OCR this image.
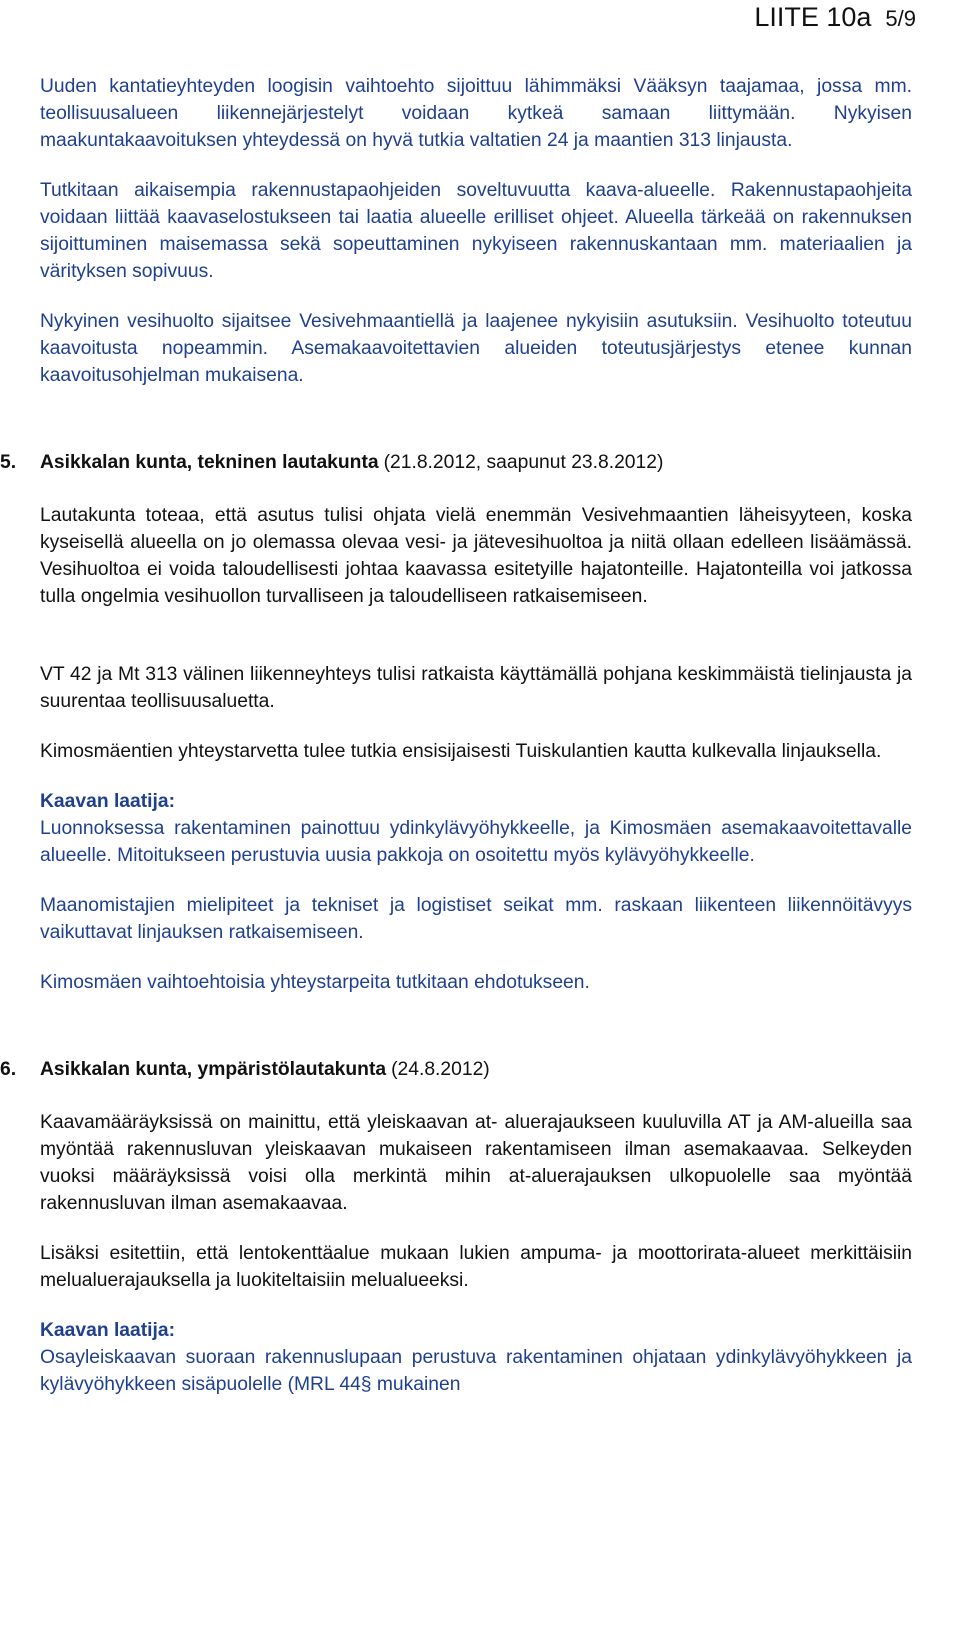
LIITE 10a 5/9

Uuden kantatieyhteyden loogisin vaihtoehto sijoittuu lähimmäksi Vääksyn taajamaa, jossa mm. teollisuusalueen liikennejärjestelyt voidaan kytkeä samaan liittymään. Nykyisen maakuntakaavoituksen yhteydessä on hyvä tutkia valtatien 24 ja maantien 313 linjausta.

Tutkitaan aikaisempia rakennustapaohjeiden soveltuvuutta kaava-alueelle. Rakennustapaohjeita voidaan liittää kaavaselostukseen tai laatia alueelle erilliset ohjeet. Alueella tärkeää on rakennuksen sijoittuminen maisemassa sekä sopeuttaminen nykyiseen rakennuskantaan mm. materiaalien ja värityksen sopivuus.

Nykyinen vesihuolto sijaitsee Vesivehmaantiellä ja laajenee nykyisiin asutuksiin. Vesihuolto toteutuu kaavoitusta nopeammin. Asemakaavoitettavien alueiden toteutusjärjestys etenee kunnan kaavoitusohjelman mukaisena.

5.	Asikkalan kunta, tekninen lautakunta (21.8.2012, saapunut 23.8.2012)

Lautakunta toteaa, että asutus tulisi ohjata vielä enemmän Vesivehmaantien läheisyyteen, koska kyseisellä alueella on jo olemassa olevaa vesi- ja jätevesihuoltoa ja niitä ollaan edelleen lisäämässä. Vesihuoltoa ei voida taloudellisesti johtaa kaavassa esitetyille hajatonteille. Hajatonteilla voi jatkossa tulla ongelmia vesihuollon turvalliseen ja taloudelliseen ratkaisemiseen.

VT 42 ja Mt 313 välinen liikenneyhteys tulisi ratkaista käyttämällä pohjana keskimmäistä tielinjausta ja suurentaa teollisuusaluetta.

Kimosmäentien yhteystarvetta tulee tutkia ensisijaisesti Tuiskulantien kautta kulkevalla linjauksella.

Kaavan laatija:

Luonnoksessa rakentaminen painottuu ydinkylävyöhykkeelle, ja Kimosmäen asemakaavoitettavalle alueelle. Mitoitukseen perustuvia uusia pakkoja on osoitettu myös kylävyöhykkeelle.

Maanomistajien mielipiteet ja tekniset ja logistiset seikat mm. raskaan liikenteen liikennöitävyys vaikuttavat linjauksen ratkaisemiseen.

Kimosmäen vaihtoehtoisia yhteystarpeita tutkitaan ehdotukseen.

6.	Asikkalan kunta, ympäristölautakunta (24.8.2012)

Kaavamääräyksissä on mainittu, että yleiskaavan at- aluerajaukseen kuuluvilla AT ja AM-alueilla saa myöntää rakennusluvan yleiskaavan mukaiseen rakentamiseen ilman asemakaavaa. Selkeyden vuoksi määräyksissä voisi olla merkintä mihin at-aluerajauksen ulkopuolelle saa myöntää rakennusluvan ilman asemakaavaa.

Lisäksi esitettiin, että lentokenttäalue mukaan lukien ampuma- ja moottorirata-alueet merkittäisiin melualuerajauksella ja luokiteltaisiin melualueeksi.

Kaavan laatija:

Osayleiskaavan suoraan rakennuslupaan perustuva rakentaminen ohjataan ydinkylävyöhykkeen ja kylävyöhykkeen sisäpuolelle (MRL 44§ mukainen
